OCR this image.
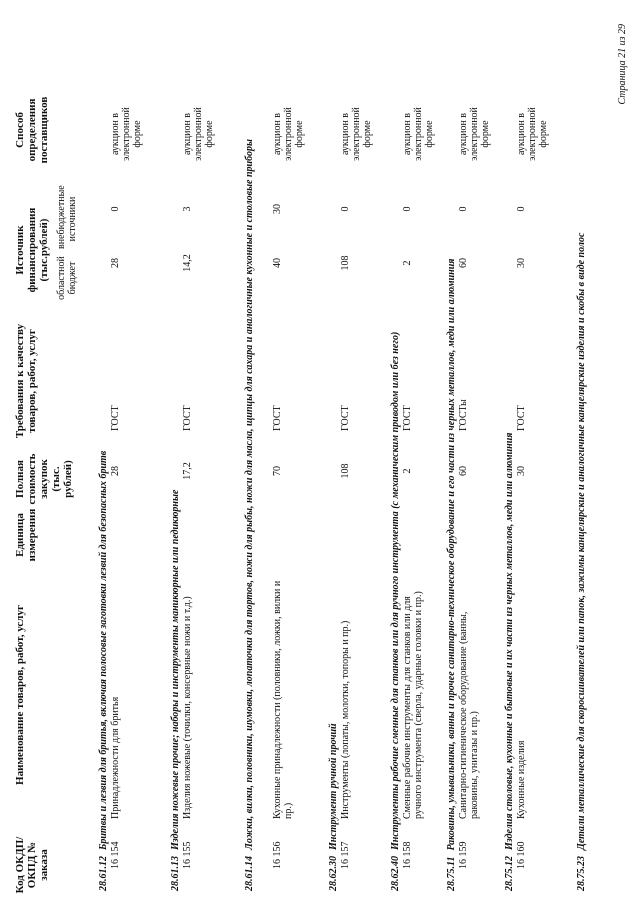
Код ОКДП/ ОКПД № заказа
Наименование товаров, работ, услуг
Единица измерения
Полная стоимость закупок (тыс. рублей)
Требования к качеству товаров, работ, услуг
Источник финансирования (тыс.рублей) областной бюджет
внебюджетные источники
Способ определения поставщиков
28.61.12Бритвы и лезвия для бритья, включая полосовые заготовки лезвий для безопасных бритв
16 154
Принадлежности для бритья
28
ГОСТ
28
0
аукцион в электронной форме
28.61.13Изделия ножевые прочие; наборы и инструменты маникюрные или педикюрные
16 155
Изделия ножевые (точилки, консервные ножи и т.д.)
17,2
ГОСТ
14,2
3
аукцион в электронной форме
28.61.14Ложки, вилки, половники, шумовки, лопаточки для тортов, ножи для рыбы, ножи для масла, щипцы для сахара и аналогичные кухонные и столовые приборы
16 156
Кухонные принадлежности (половники, ложки, вилки и пр.)
70
ГОСТ
40
30
аукцион в электронной форме
28.62.30Инструмент ручной прочий
16 157
Инструменты (лопаты, молотки, топоры и пр.)
108
ГОСТ
108
0
аукцион в электронной форме
28.62.40Инструменты рабочие сменные для станков или для ручного инструмента (с механическим приводом или без него)
16 158
Сменные рабочие инструменты для станков или для ручного инструмента (сверла, ударные головки и пр.)
2
ГОСТ
2
0
аукцион в электронной форме
28.75.11Раковины, умывальники, ванны и прочее санитарно-техническое оборудование и его части из черных металлов, меди или алюминия
16 159
Санитарно-гигиеническое оборудование (ванны, раковины, унитазы и пр.)
60
ГОСТы
60
0
аукцион в электронной форме
28.75.12Изделия столовые, кухонные и бытовые и их части из черных металлов, меди или алюминия
16 160
Кухонные изделия
30
ГОСТ
30
0
аукцион в электронной форме
28.75.23Детали металлические для скоросшивателей или папок, зажимы канцелярские и аналогичные канцелярские изделия и скобы в виде полос
Страница 21 из 29
